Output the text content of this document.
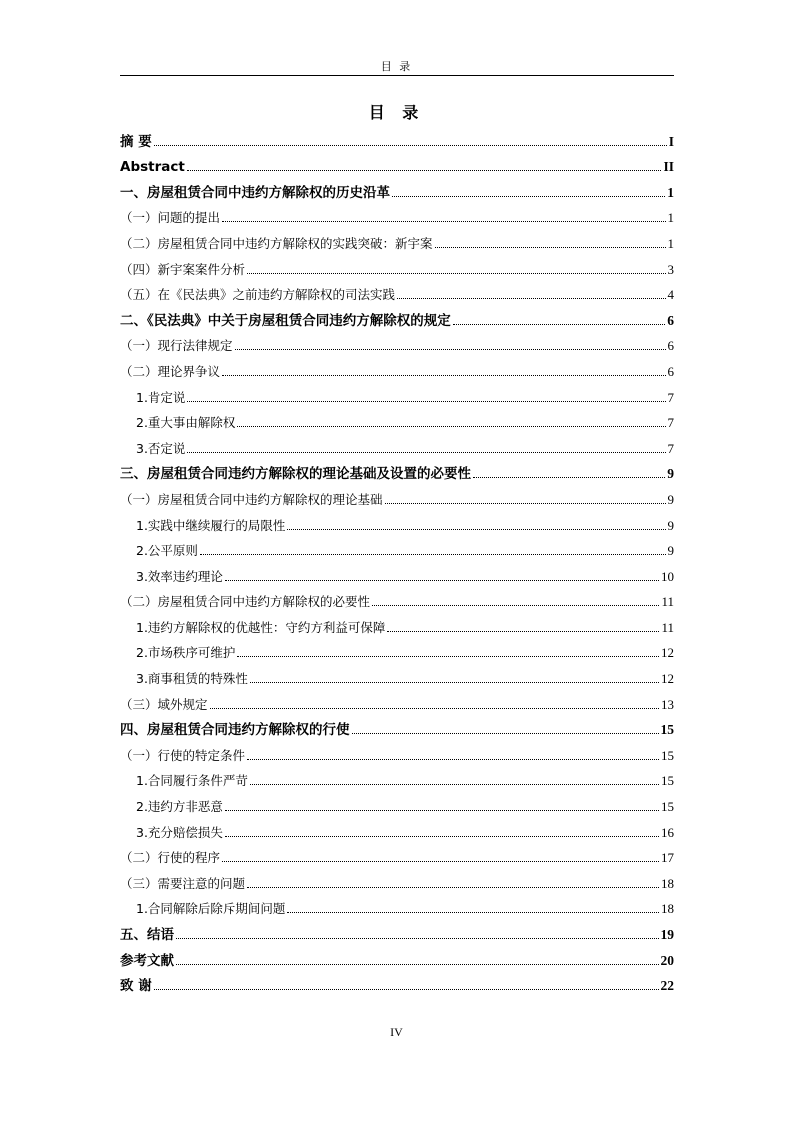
目 录
目 录
摘 要	I
Abstract	II
一、房屋租赁合同中违约方解除权的历史沿革	1
（一）问题的提出	1
（二）房屋租赁合同中违约方解除权的实践突破：新宇案	1
（四）新宇案案件分析	3
（五）在《民法典》之前违约方解除权的司法实践	4
二、《民法典》中关于房屋租赁合同违约方解除权的规定	6
（一）现行法律规定	6
（二）理论界争议	6
1.肯定说	7
2.重大事由解除权	7
3.否定说	7
三、房屋租赁合同违约方解除权的理论基础及设置的必要性	9
（一）房屋租赁合同中违约方解除权的理论基础	9
1.实践中继续履行的局限性	9
2.公平原则	9
3.效率违约理论	10
（二）房屋租赁合同中违约方解除权的必要性	11
1.违约方解除权的优越性：守约方利益可保障	11
2.市场秩序可维护	12
3.商事租赁的特殊性	12
（三）域外规定	13
四、房屋租赁合同违约方解除权的行使	15
（一）行使的特定条件	15
1.合同履行条件严苛	15
2.违约方非恶意	15
3.充分赔偿损失	16
（二）行使的程序	17
（三）需要注意的问题	18
1.合同解除后除斥期间问题	18
五、结语	19
参考文献	20
致 谢	22
IV
